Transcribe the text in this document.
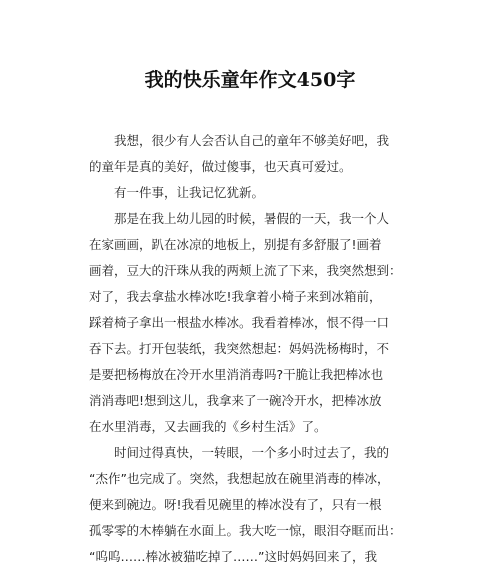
我的快乐童年作文450字
我想，很少有人会否认自己的童年不够美好吧，我
的童年是真的美好，做过傻事，也天真可爱过。
有一件事，让我记忆犹新。
那是在我上幼儿园的时候，暑假的一天，我一个人
在家画画，趴在冰凉的地板上，别提有多舒服了!画着
画着，豆大的汗珠从我的两颊上流了下来，我突然想到：
对了，我去拿盐水棒冰吃!我拿着小椅子来到冰箱前，
踩着椅子拿出一根盐水棒冰。我看着棒冰，恨不得一口
吞下去。打开包装纸，我突然想起：妈妈洗杨梅时，不
是要把杨梅放在冷开水里消消毒吗?干脆让我把棒冰也
消消毒吧!想到这儿，我拿来了一碗冷开水，把棒冰放
在水里消毒，又去画我的《乡村生活》了。
时间过得真快，一转眼，一个多小时过去了，我的
“杰作”也完成了。突然，我想起放在碗里消毒的棒冰，
便来到碗边。呀!我看见碗里的棒冰没有了，只有一根
孤零零的木棒躺在水面上。我大吃一惊，眼泪夺眶而出：
“呜呜……棒冰被猫吃掉了……”这时妈妈回来了，我
